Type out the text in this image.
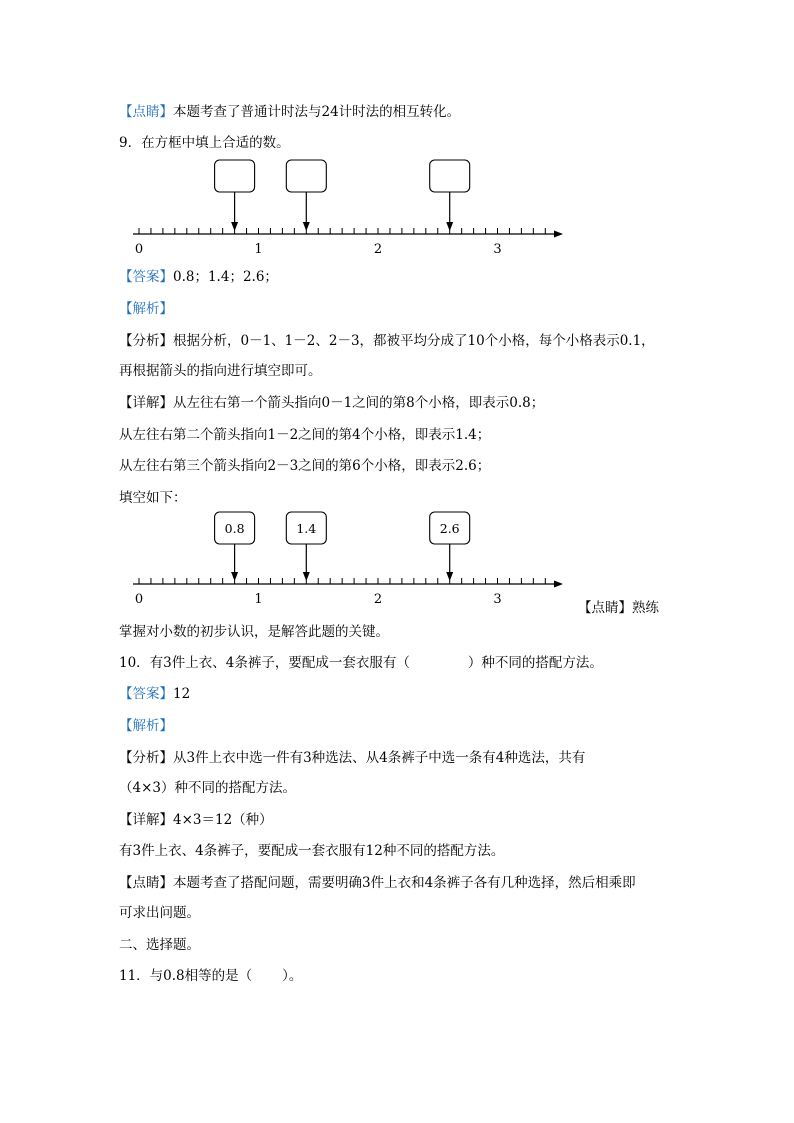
【点睛】本题考查了普通计时法与24计时法的相互转化。
9．在方框中填上合适的数。
0	1	2	3
【答案】0.8；1.4；2.6；
【解析】
【分析】根据分析，0－1、1－2、2－3，都被平均分成了10个小格，每个小格表示0.1，
再根据箭头的指向进行填空即可。
【详解】从左往右第一个箭头指向0－1之间的第8个小格，即表示0.8；
从左往右第二个箭头指向1－2之间的第4个小格，即表示1.4；
从左往右第三个箭头指向2－3之间的第6个小格，即表示2.6；
填空如下：
0	1	2	3
0.8	1.4	2.6
【点睛】熟练
掌握对小数的初步认识，是解答此题的关键。
10．有3件上衣、4条裤子，要配成一套衣服有（	）种不同的搭配方法。
【答案】12
【解析】
【分析】从3件上衣中选一件有3种选法、从4条裤子中选一条有4种选法，共有
（4×3）种不同的搭配方法。
【详解】4×3＝12（种）
有3件上衣、4条裤子，要配成一套衣服有12种不同的搭配方法。
【点睛】本题考查了搭配问题，需要明确3件上衣和4条裤子各有几种选择，然后相乘即
可求出问题。
二、选择题。
11．与0.8相等的是（ ）。
